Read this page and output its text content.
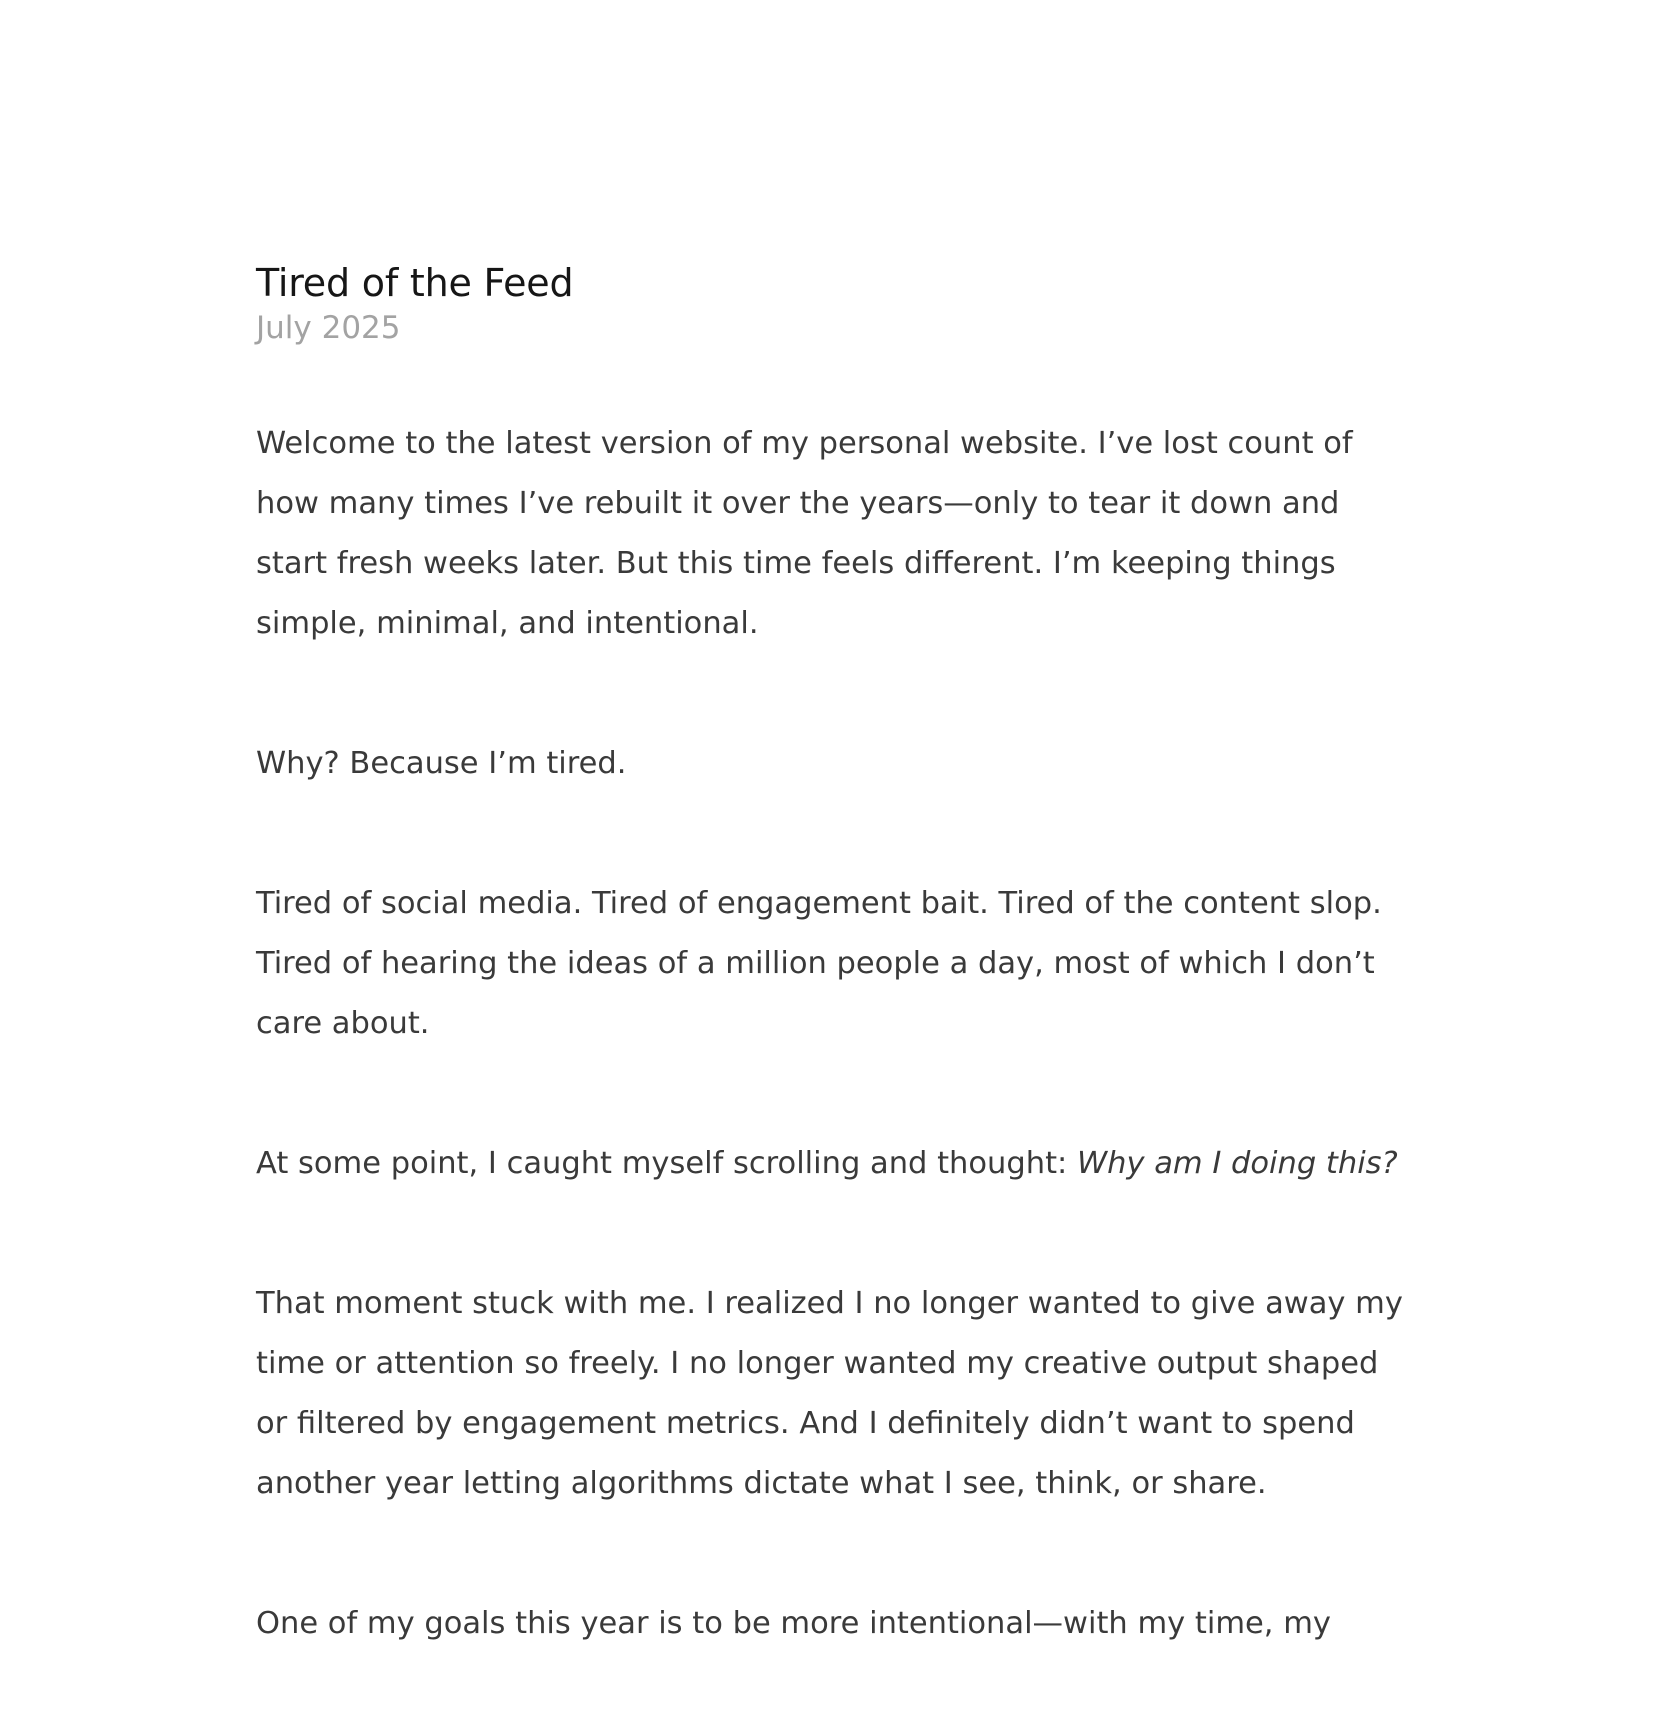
Tired of the Feed

July 2025

Welcome to the latest version of my personal website. I’ve lost count of how many times I’ve rebuilt it over the years—only to tear it down and start fresh weeks later. But this time feels different. I’m keeping things simple, minimal, and intentional.

Why? Because I’m tired.

Tired of social media. Tired of engagement bait. Tired of the content slop. Tired of hearing the ideas of a million people a day, most of which I don’t care about.

At some point, I caught myself scrolling and thought: Why am I doing this?

That moment stuck with me. I realized I no longer wanted to give away my time or attention so freely. I no longer wanted my creative output shaped or filtered by engagement metrics. And I definitely didn’t want to spend another year letting algorithms dictate what I see, think, or share.

One of my goals this year is to be more intentional—with my time, my
